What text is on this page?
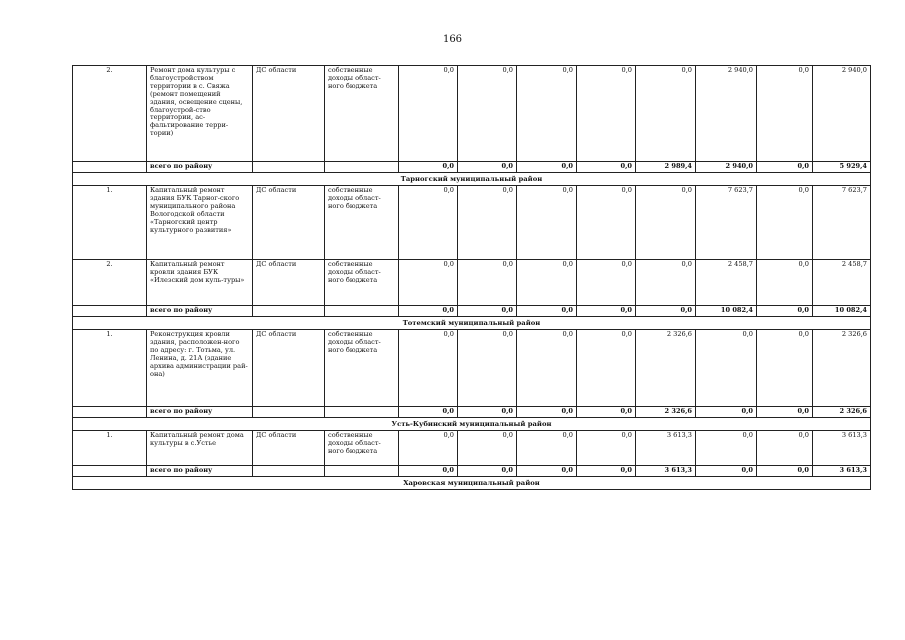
166
2.	Ремонт дома культуры с благоустройством территории в с. Свяжа (ремонт помещений здания, освещение сцены, благоустрой-ство территории, ас-фальтирование терри-тории)	ДС области	собственные доходы област-ного бюджета	0,0	0,0	0,0	0,0	0,0	2 940,0	0,0	2 940,0
	всего по району			0,0	0,0	0,0	0,0	2 989,4	2 940,0	0,0	5 929,4
Тарногский муниципальный район											
1.	Капитальный ремонт здания БУК Тарног-ского муниципального района Вологодской области «Тарногский центр культурного развития»	ДС области	собственные доходы област-ного бюджета	0,0	0,0	0,0	0,0	0,0	7 623,7	0,0	7 623,7
2.	Капитальный ремонт кровли здания БУК «Илезский дом куль-туры»	ДС области	собственные доходы област-ного бюджета	0,0	0,0	0,0	0,0	0,0	2 458,7	0,0	2 458,7
	всего по району			0,0	0,0	0,0	0,0	0,0	10 082,4	0,0	10 082,4
Тотемский муниципальный район											
1.	Реконструкция кровли здания, расположен-ного по адресу: г. Тотьма, ул. Ленина, д. 21А (здание архива администрации рай-она)	ДС области	собственные доходы област-ного бюджета	0,0	0,0	0,0	0,0	2 326,6	0,0	0,0	2 326,6
	всего по району			0,0	0,0	0,0	0,0	2 326,6	0,0	0,0	2 326,6
Усть-Кубинский муниципальный район											
1.	Капитальный ремонт дома культуры в с.Устье	ДС области	собственные доходы област-ного бюджета	0,0	0,0	0,0	0,0	3 613,3	0,0	0,0	3 613,3
	всего по району			0,0	0,0	0,0	0,0	3 613,3	0,0	0,0	3 613,3
Харовская муниципальный район											
